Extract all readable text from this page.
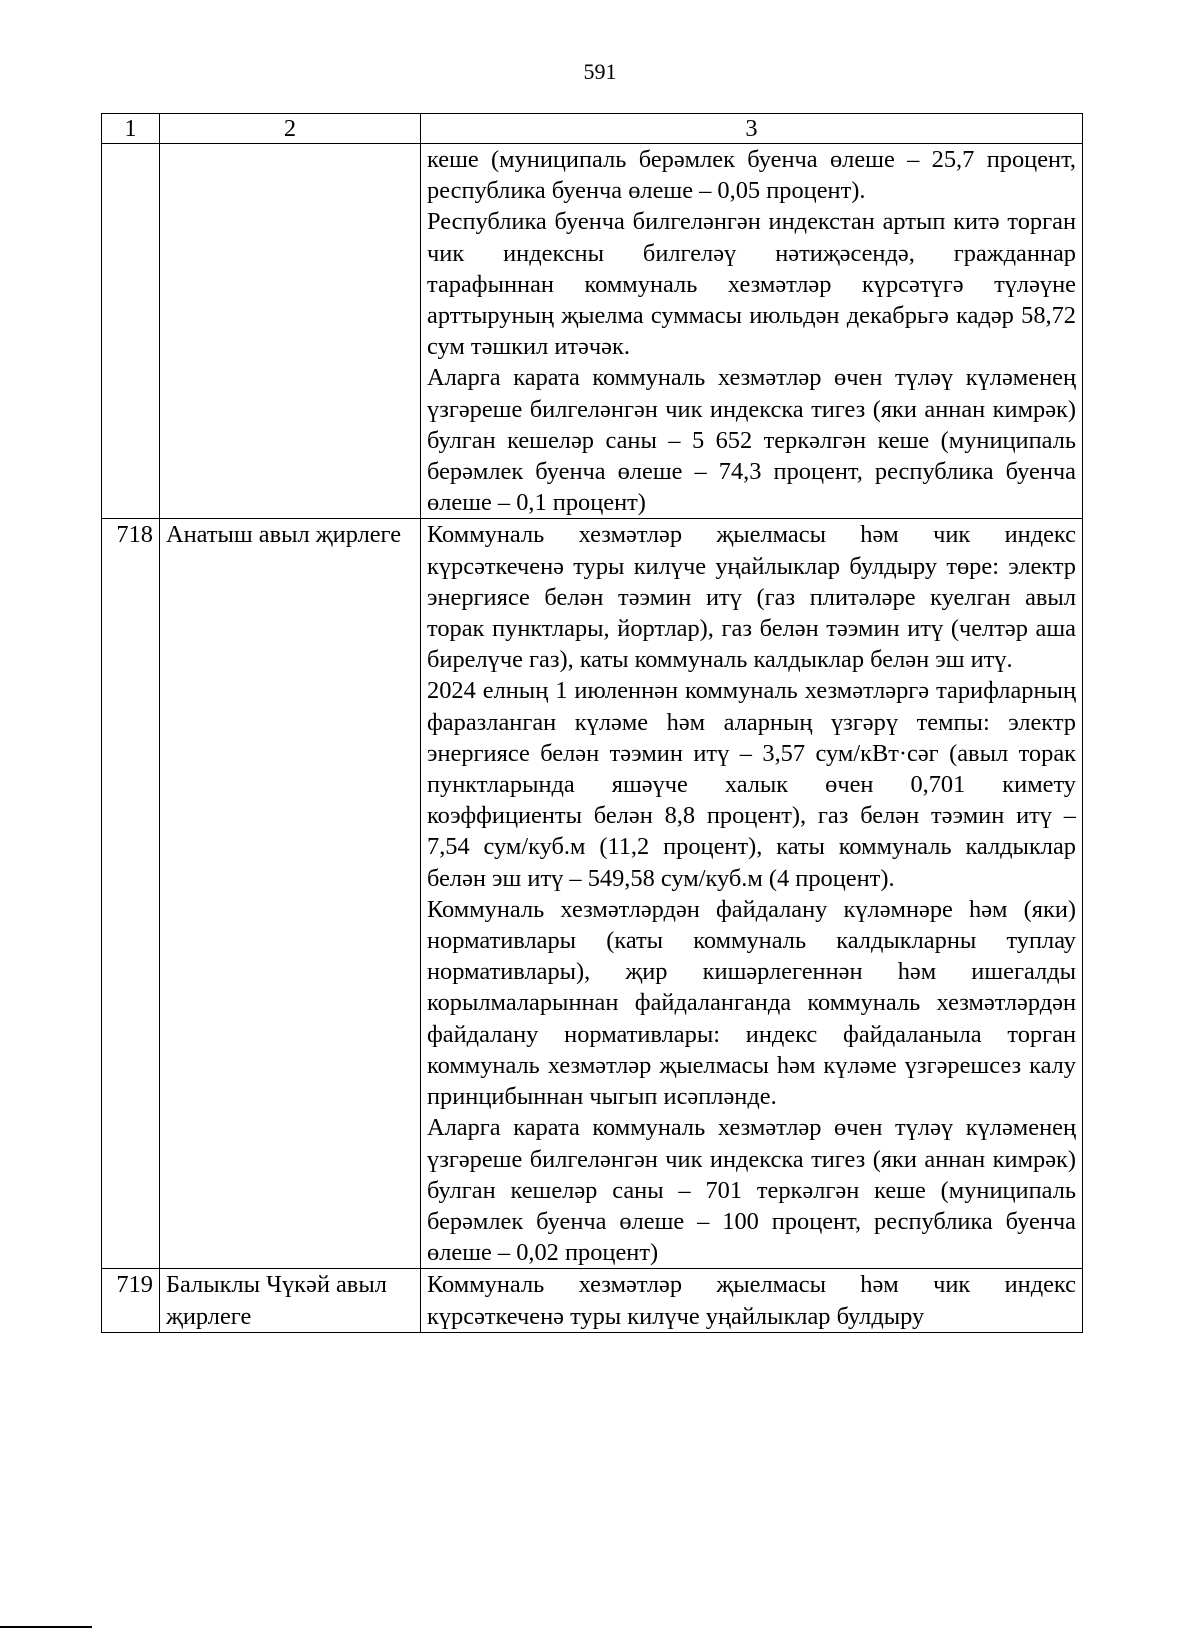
591
1	2	3

		кеше (муниципаль берәмлек буенча өлеше – 25,7 процент, республика буенча өлеше – 0,05 процент).

Республика буенча билгеләнгән индекстан артып китә торган чик индексны билгеләү нәтиҗәсендә, гражданнар тарафыннан коммуналь хезмәтләр күрсәтүгә түләүне арттыруның җыелма суммасы июльдән декабрьгә кадәр 58,72 сум тәшкил итәчәк.

Аларга карата коммуналь хезмәтләр өчен түләү күләменең үзгәреше билгеләнгән чик индекска тигез (яки аннан кимрәк) булган кешеләр саны – 5 652 теркәлгән кеше (муниципаль берәмлек буенча өлеше – 74,3 процент, республика буенча өлеше – 0,1 процент)

718	Анатыш авыл җирлеге	Коммуналь хезмәтләр җыелмасы һәм чик индекс күрсәткеченә туры килүче уңайлыклар булдыру төре: электр энергиясе белән тәэмин итү (газ плитәләре куелган авыл торак пунктлары, йортлар), газ белән тәэмин итү (челтәр аша бирелүче газ), каты коммуналь калдыклар белән эш итү.

2024 елның 1 июленнән коммуналь хезмәтләргә тарифларның фаразланган күләме һәм аларның үзгәрү темпы: электр энергиясе белән тәэмин итү – 3,57 сум/кВт·сәг (авыл торак пунктларында яшәүче халык өчен 0,701 кимету коэффициенты белән 8,8 процент), газ белән тәэмин итү – 7,54 сум/куб.м (11,2 процент), каты коммуналь калдыклар белән эш итү – 549,58 сум/куб.м (4 процент).

Коммуналь хезмәтләрдән файдалану күләмнәре һәм (яки) нормативлары (каты коммуналь калдыкларны туплау нормативлары), җир кишәрлегеннән һәм ишегалды корылмаларыннан файдаланганда коммуналь хезмәтләрдән файдалану нормативлары: индекс файдаланыла торган коммуналь хезмәтләр җыелмасы һәм күләме үзгәрешсез калу принцибыннан чыгып исәпләнде.

Аларга карата коммуналь хезмәтләр өчен түләү күләменең үзгәреше билгеләнгән чик индекска тигез (яки аннан кимрәк) булган кешеләр саны – 701 теркәлгән кеше (муниципаль берәмлек буенча өлеше – 100 процент, республика буенча өлеше – 0,02 процент)

719	Балыклы Чүкәй авыл җирлеге	Коммуналь хезмәтләр җыелмасы һәм чик индекс күрсәткеченә туры килүче уңайлыклар булдыру
